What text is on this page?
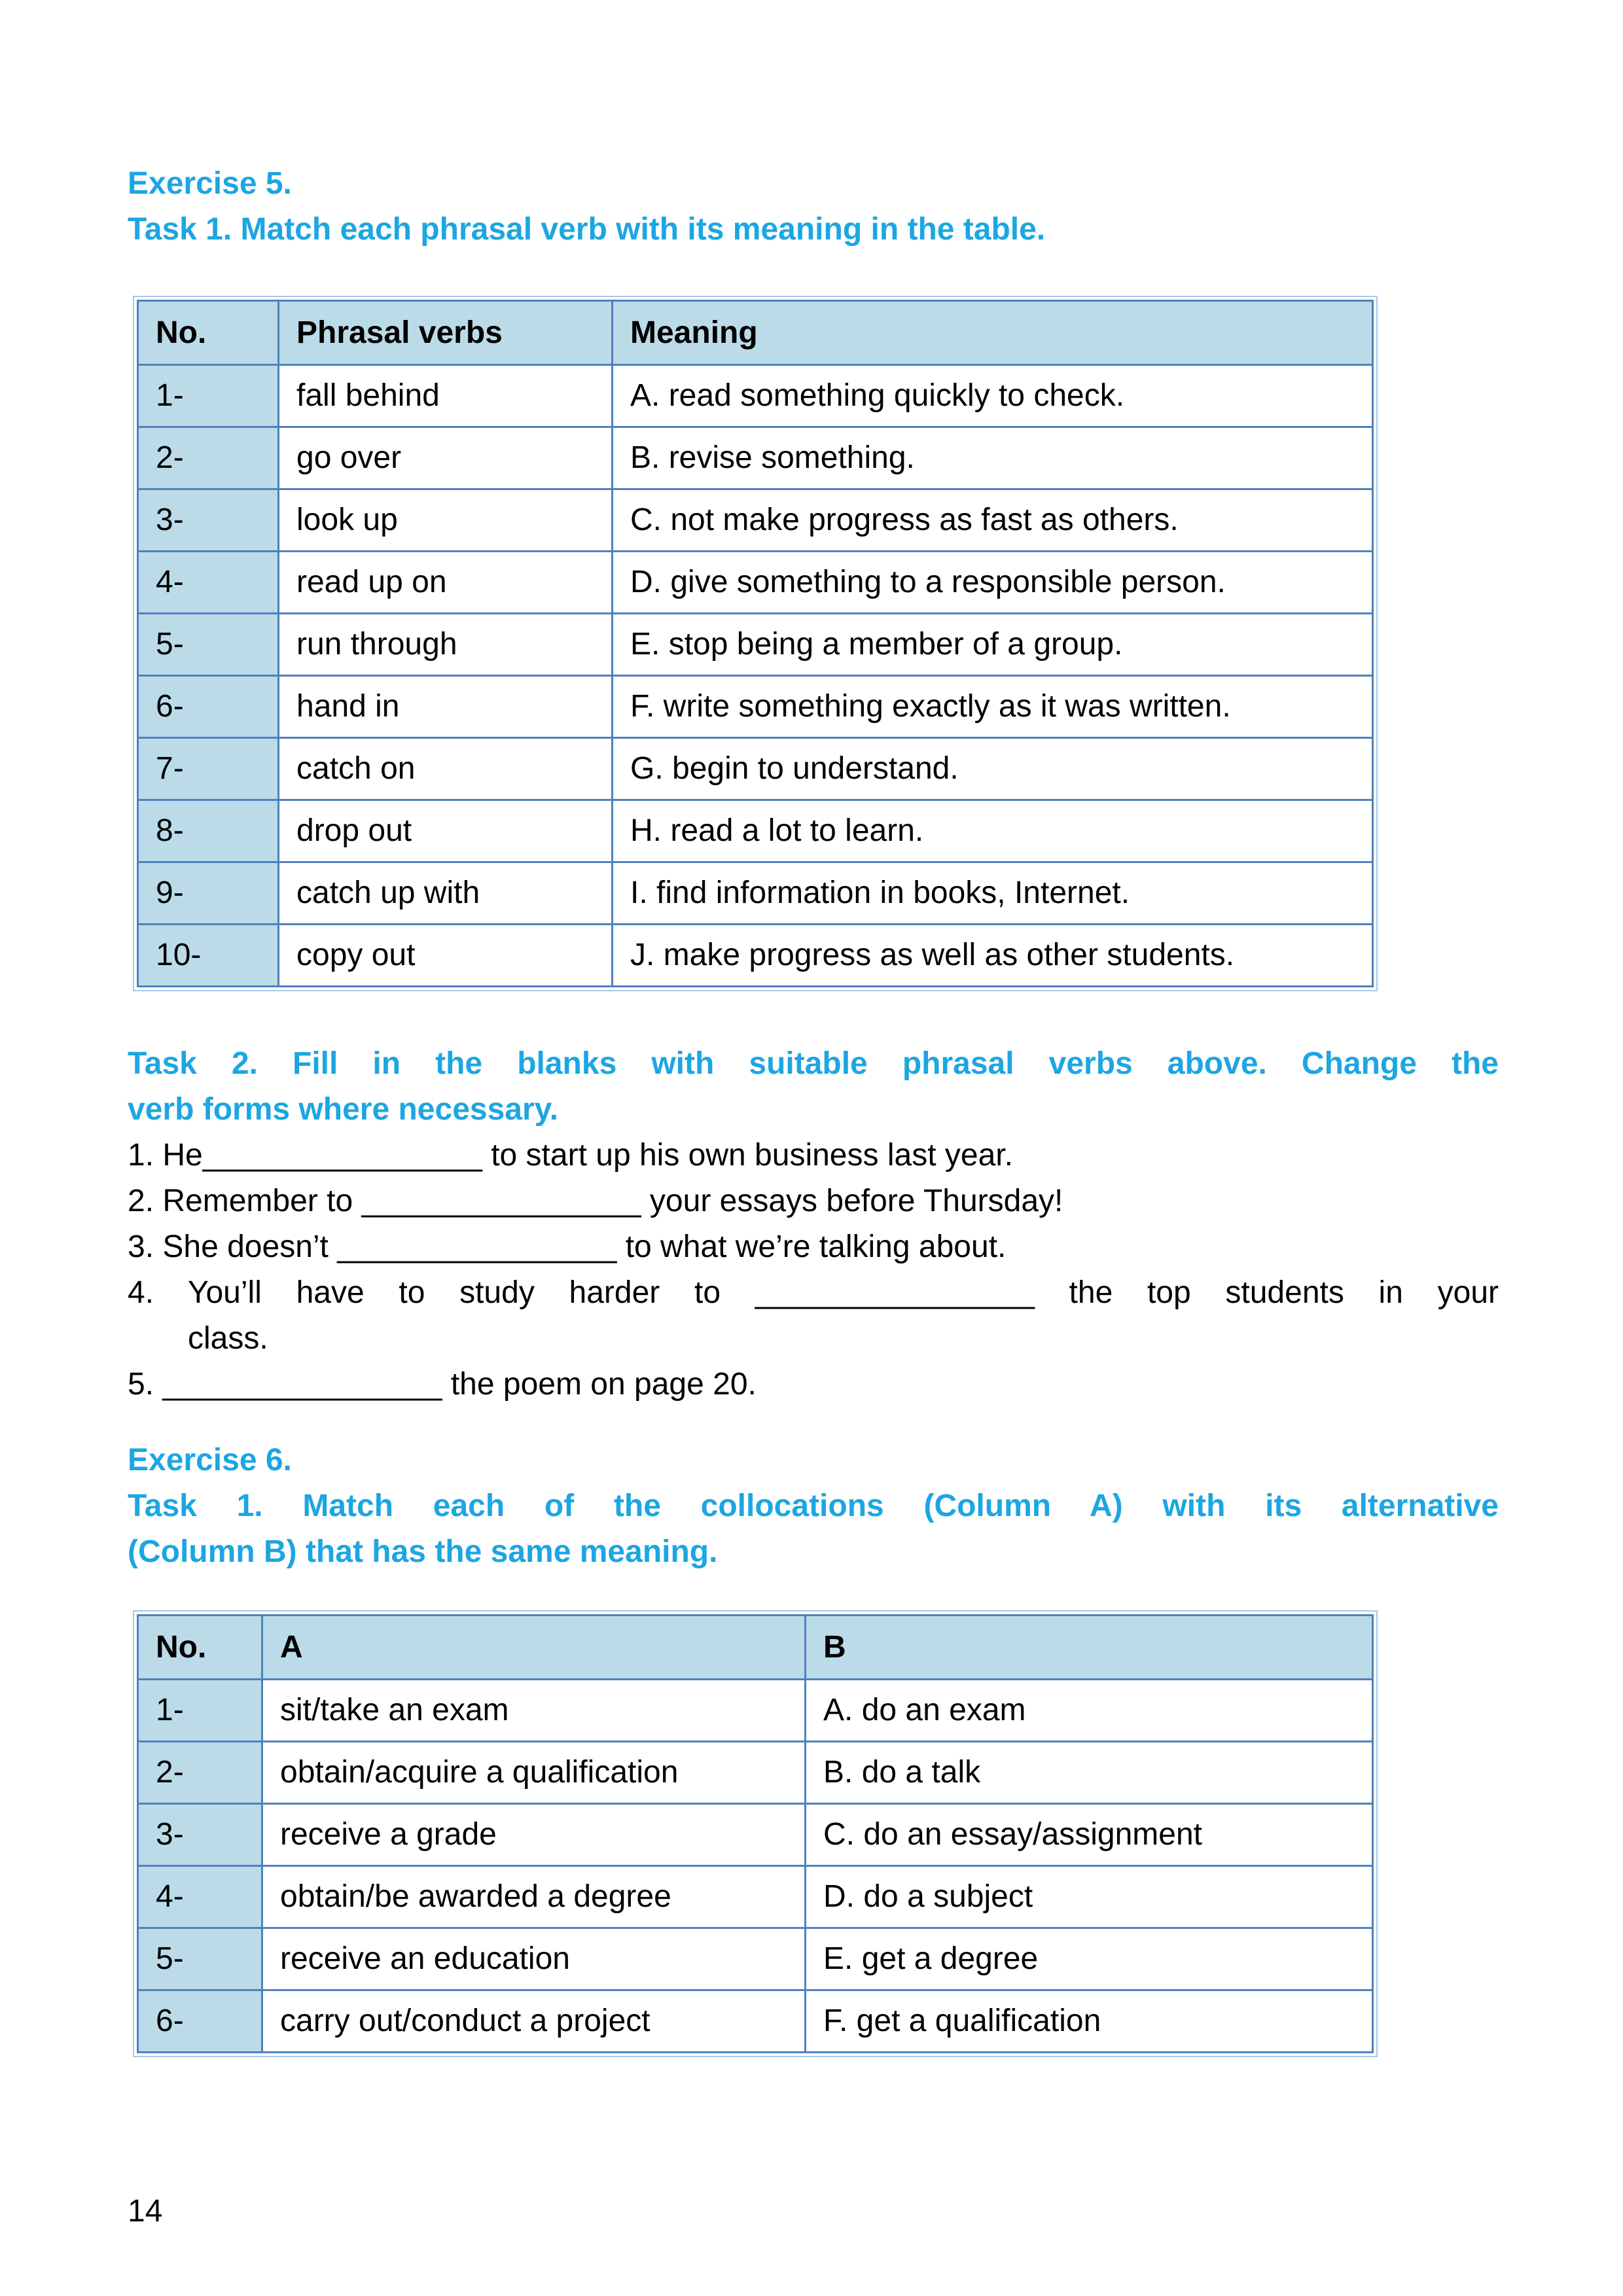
Exercise 5.
Task 1. Match each phrasal verb with its meaning in the table.
No.	Phrasal verbs	Meaning
1-	fall behind	A. read something quickly to check.
2-	go over	B. revise something.
3-	look up	C. not make progress as fast as others.
4-	read up on	D. give something to a responsible person.
5-	run through	E. stop being a member of a group.
6-	hand in	F. write something exactly as it was written.
7-	catch on	G. begin to understand.
8-	drop out	H. read a lot to learn.
9-	catch up with	I. find information in books, Internet.
10-	copy out	J. make progress as well as other students.
Task 2. Fill in the blanks with suitable phrasal verbs above. Change the
verb forms where necessary.
1. He________________ to start up his own business last year.
2. Remember to ________________ your essays before Thursday!
3. She doesn’t ________________ to what we’re talking about.
4. You’ll have to study harder to ________________ the top students in your
class.
5. ________________ the poem on page 20.
Exercise 6.
Task 1. Match each of the collocations (Column A) with its alternative
(Column B) that has the same meaning.
No.	A	B
1-	sit/take an exam	A. do an exam
2-	obtain/acquire a qualification	B. do a talk
3-	receive a grade	C. do an essay/assignment
4-	obtain/be awarded a degree	D. do a subject
5-	receive an education	E. get a degree
6-	carry out/conduct a project	F. get a qualification
14
